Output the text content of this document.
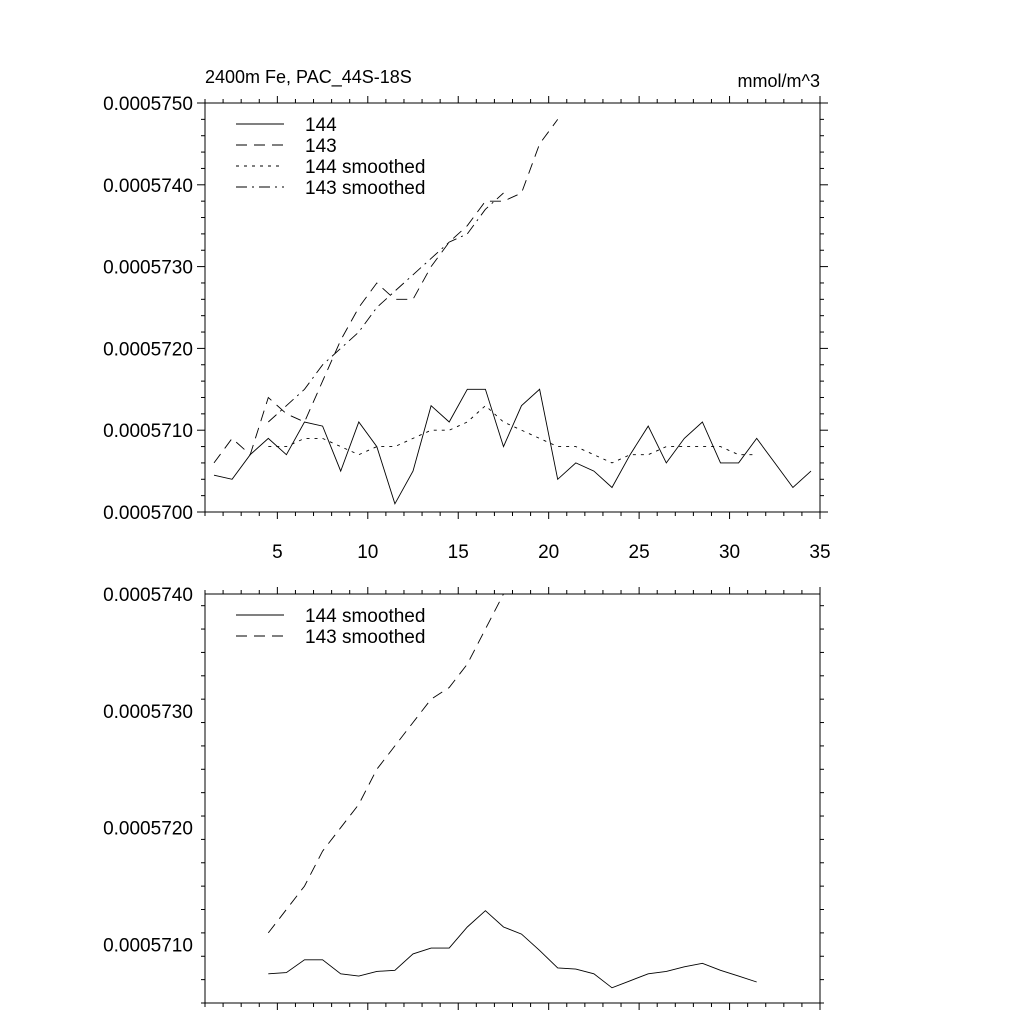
2400m Fe, PAC_44S-18S	mmol/m^3
0.0005700
0.0005710
0.0005720
0.0005730
0.0005740
0.0005750
5	10	15	20	25	30	35
144
143
144 smoothed
143 smoothed
0.0005710
0.0005720
0.0005730
0.0005740
144 smoothed
143 smoothed
